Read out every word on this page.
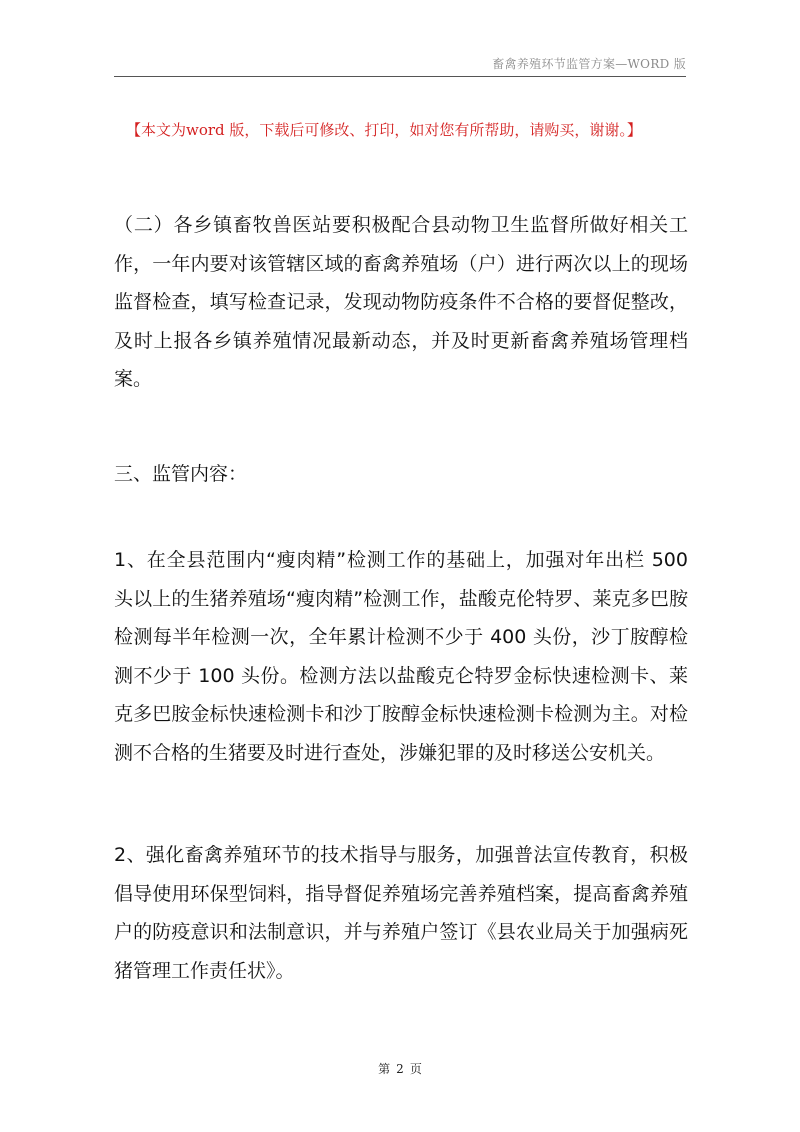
畜禽养殖环节监管方案—WORD 版
【本文为word 版，下载后可修改、打印，如对您有所帮助，请购买，谢谢。】

（二）各乡镇畜牧兽医站要积极配合县动物卫生监督所做好相关工作，一年内要对该管辖区域的畜禽养殖场（户）进行两次以上的现场监督检查，填写检查记录，发现动物防疫条件不合格的要督促整改，及时上报各乡镇养殖情况最新动态，并及时更新畜禽养殖场管理档案。

三、监管内容：

1、在全县范围内“瘦肉精”检测工作的基础上，加强对年出栏 500 头以上的生猪养殖场“瘦肉精”检测工作，盐酸克伦特罗、莱克多巴胺检测每半年检测一次，全年累计检测不少于 400 头份，沙丁胺醇检测不少于 100 头份。检测方法以盐酸克仑特罗金标快速检测卡、莱克多巴胺金标快速检测卡和沙丁胺醇金标快速检测卡检测为主。对检测不合格的生猪要及时进行查处，涉嫌犯罪的及时移送公安机关。

2、强化畜禽养殖环节的技术指导与服务，加强普法宣传教育，积极倡导使用环保型饲料，指导督促养殖场完善养殖档案，提高畜禽养殖户的防疫意识和法制意识，并与养殖户签订《县农业局关于加强病死猪管理工作责任状》。

第 2 页
